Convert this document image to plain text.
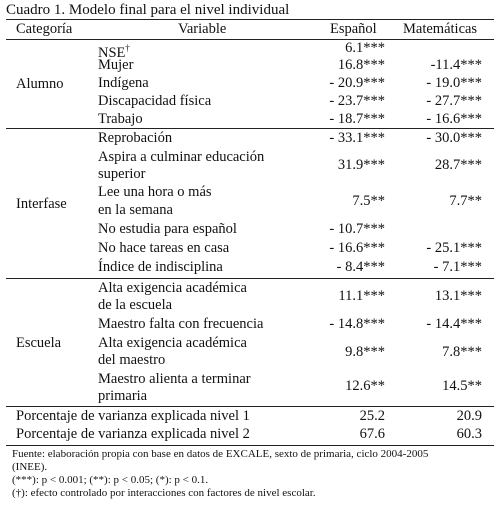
Cuadro 1. Modelo final para el nivel individual
Categoría	Variable	Español Matemáticas
Alumno
NSE†	6.1***
Mujer	16.8***	-11.4***
Indígena	- 20.9***	- 19.0***
Discapacidad física	- 23.7***	- 27.7***
Trabajo	- 18.7***	- 16.6***
Interfase
Reprobación	- 33.1***	- 30.0***
Aspira a culminar educación
superior
31.9***	28.7***
Lee una hora o más
en la semana
7.5**	7.7**
No estudia para español	- 10.7***
No hace tareas en casa	- 16.6***	- 25.1***
Índice de indisciplina	- 8.4***	- 7.1***
Escuela
Alta exigencia académica
de la escuela
11.1***	13.1***
Maestro falta con frecuencia	- 14.8***	- 14.4***
Alta exigencia académica
del maestro	9.8***	7.8***
Maestro alienta a terminar
primaria
12.6**	14.5**
Porcentaje de varianza explicada nivel 1	25.2	20.9
Porcentaje de varianza explicada nivel 2	67.6	60.3
Fuente: elaboración propia con base en datos de EXCALE, sexto de primaria, ciclo 2004-2005
(INEE).
(***): p < 0.001; (**): p < 0.05; (*): p < 0.1.
(†): efecto controlado por interacciones con factores de nivel escolar.
